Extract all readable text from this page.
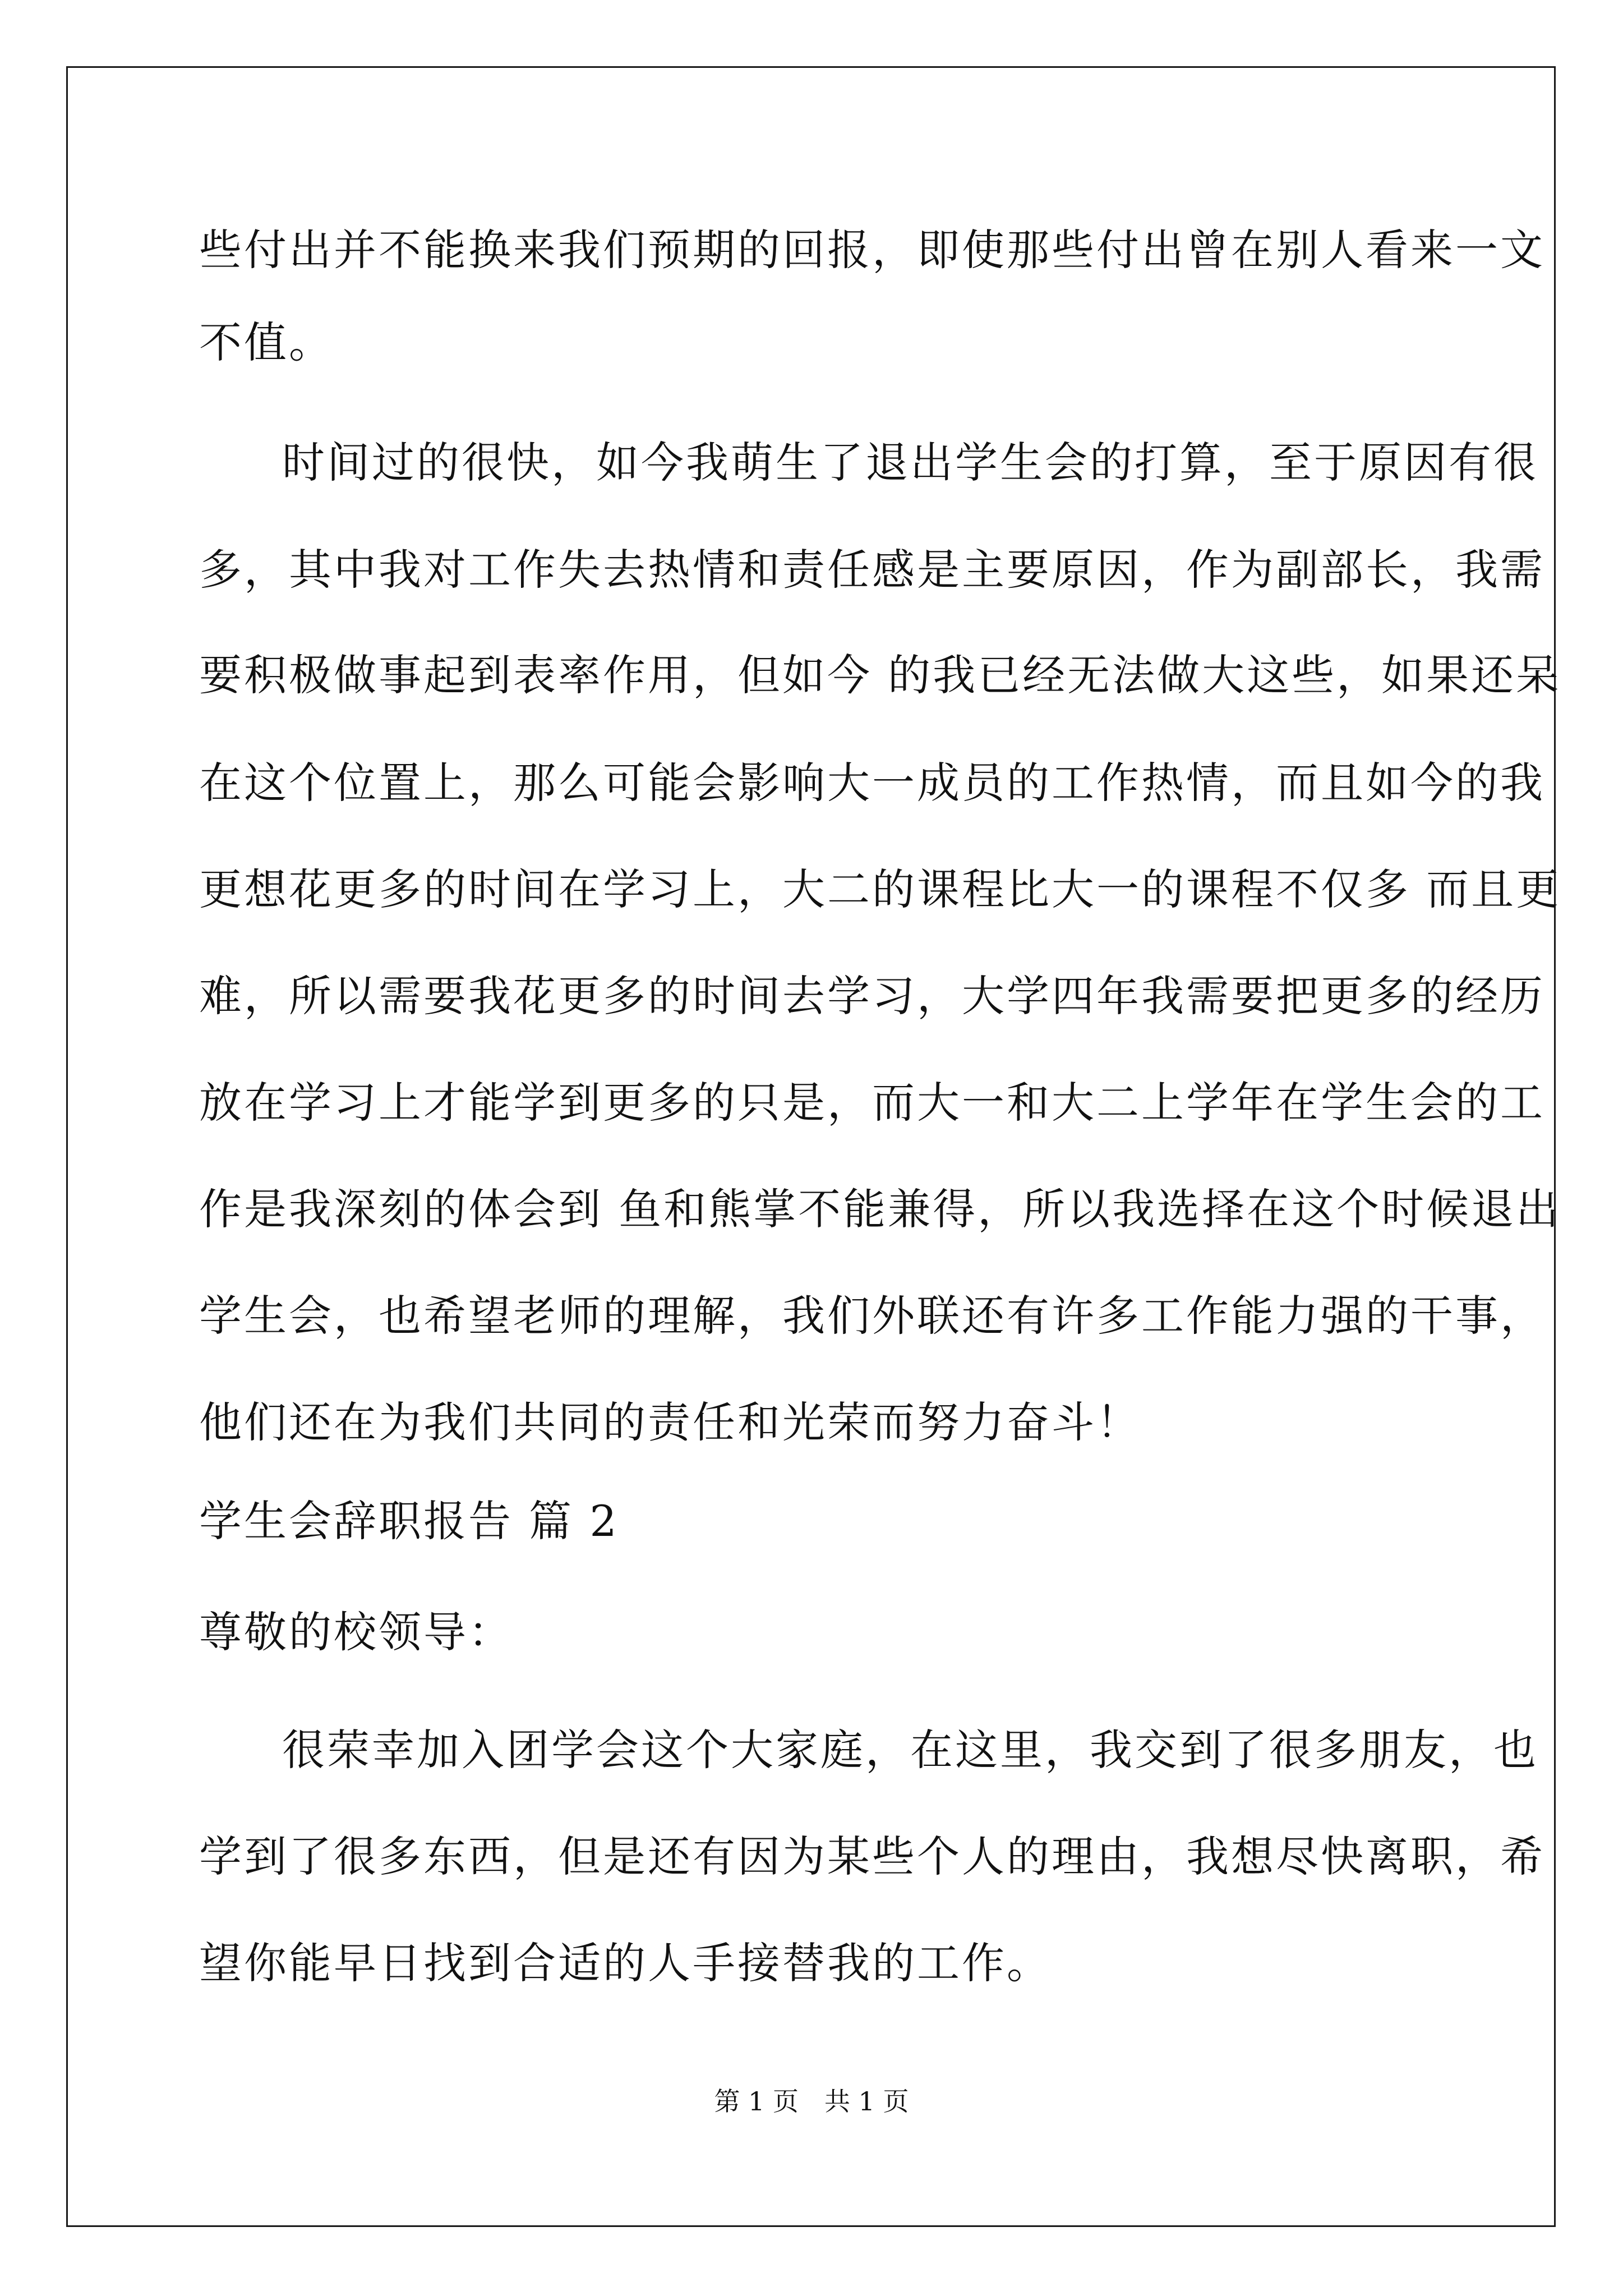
些付出并不能换来我们预期的回报，即使那些付出曾在别人看来一文
不值。
时间过的很快，如今我萌生了退出学生会的打算，至于原因有很
多，其中我对工作失去热情和责任感是主要原因，作为副部长，我需
要积极做事起到表率作用，但如今 的我已经无法做大这些，如果还呆
在这个位置上，那么可能会影响大一成员的工作热情，而且如今的我
更想花更多的时间在学习上，大二的课程比大一的课程不仅多 而且更
难，所以需要我花更多的时间去学习，大学四年我需要把更多的经历
放在学习上才能学到更多的只是，而大一和大二上学年在学生会的工
作是我深刻的体会到 鱼和熊掌不能兼得，所以我选择在这个时候退出
学生会，也希望老师的理解，我们外联还有许多工作能力强的干事，
他们还在为我们共同的责任和光荣而努力奋斗！
学生会辞职报告 篇 2
尊敬的校领导：
很荣幸加入团学会这个大家庭，在这里，我交到了很多朋友，也
学到了很多东西，但是还有因为某些个人的理由，我想尽快离职，希
望你能早日找到合适的人手接替我的工作。
第 1 页　共 1 页
